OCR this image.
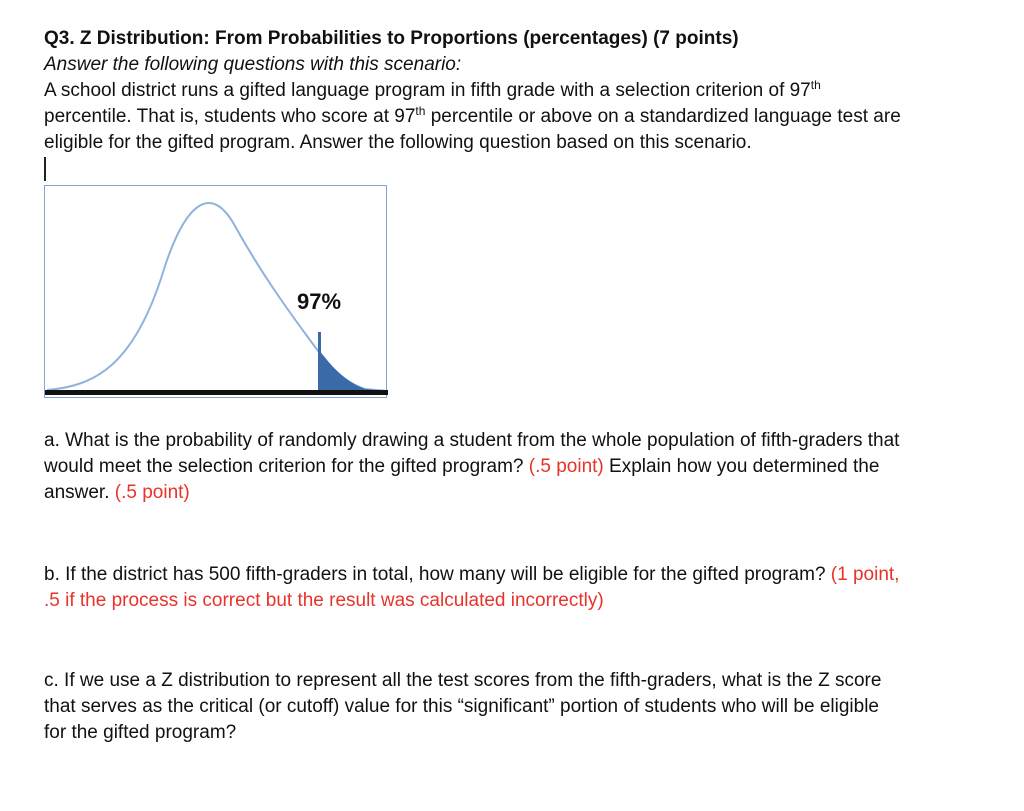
Q3. Z Distribution: From Probabilities to Proportions (percentages) (7 points)

Answer the following questions with this scenario:

A school district runs a gifted language program in fifth grade with a selection criterion of 97th
percentile. That is, students who score at 97th percentile or above on a standardized language test are
eligible for the gifted program. Answer the following question based on this scenario.

97%
a. What is the probability of randomly drawing a student from the whole population of fifth-graders that
would meet the selection criterion for the gifted program? (.5 point) Explain how you determined the
answer. (.5 point)
b. If the district has 500 fifth-graders in total, how many will be eligible for the gifted program? (1 point,
.5 if the process is correct but the result was calculated incorrectly)
c. If we use a Z distribution to represent all the test scores from the fifth-graders, what is the Z score
that serves as the critical (or cutoff) value for this “significant” portion of students who will be eligible
for the gifted program?
